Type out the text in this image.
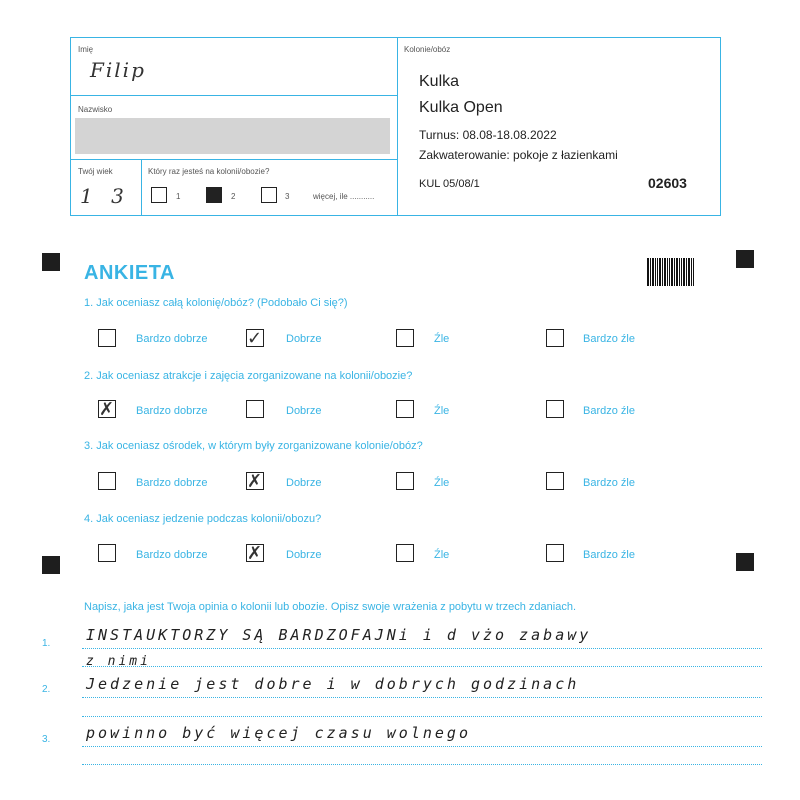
Imię
Filip
Nazwisko
Twój wiek
1 3
Który raz jesteś na kolonii/obozie?
1	2	3	więcej, ile ...........
Kolonie/obóz
Kulka
Kulka Open
Turnus: 08.08-18.08.2022
Zakwaterowanie: pokoje z łazienkami
KUL 05/08/1	02603
ANKIETA
1. Jak oceniasz całą kolonię/obóz? (Podobało Ci się?)
Bardzo dobrze ✓ Dobrze	Źle	Bardzo źle
2. Jak oceniasz atrakcje i zajęcia zorganizowane na kolonii/obozie?
✗ Bardzo dobrze	Dobrze	Źle	Bardzo źle
3. Jak oceniasz ośrodek, w którym były zorganizowane kolonie/obóz?
Bardzo dobrze ✗ Dobrze	Źle	Bardzo źle
4. Jak oceniasz jedzenie podczas kolonii/obozu?
Bardzo dobrze ✗ Dobrze	Źle	Bardzo źle
Napisz, jaka jest Twoja opinia o kolonii lub obozie. Opisz swoje wrażenia z pobytu w trzech zdaniach.
1. INSTAUKTORZY SĄ BARDZOFAJNi i d vżo zabawy
z nimi
2. Jedzenie jest dobre i w dobrych godzinach
3. powinno być więcej czasu wolnego
